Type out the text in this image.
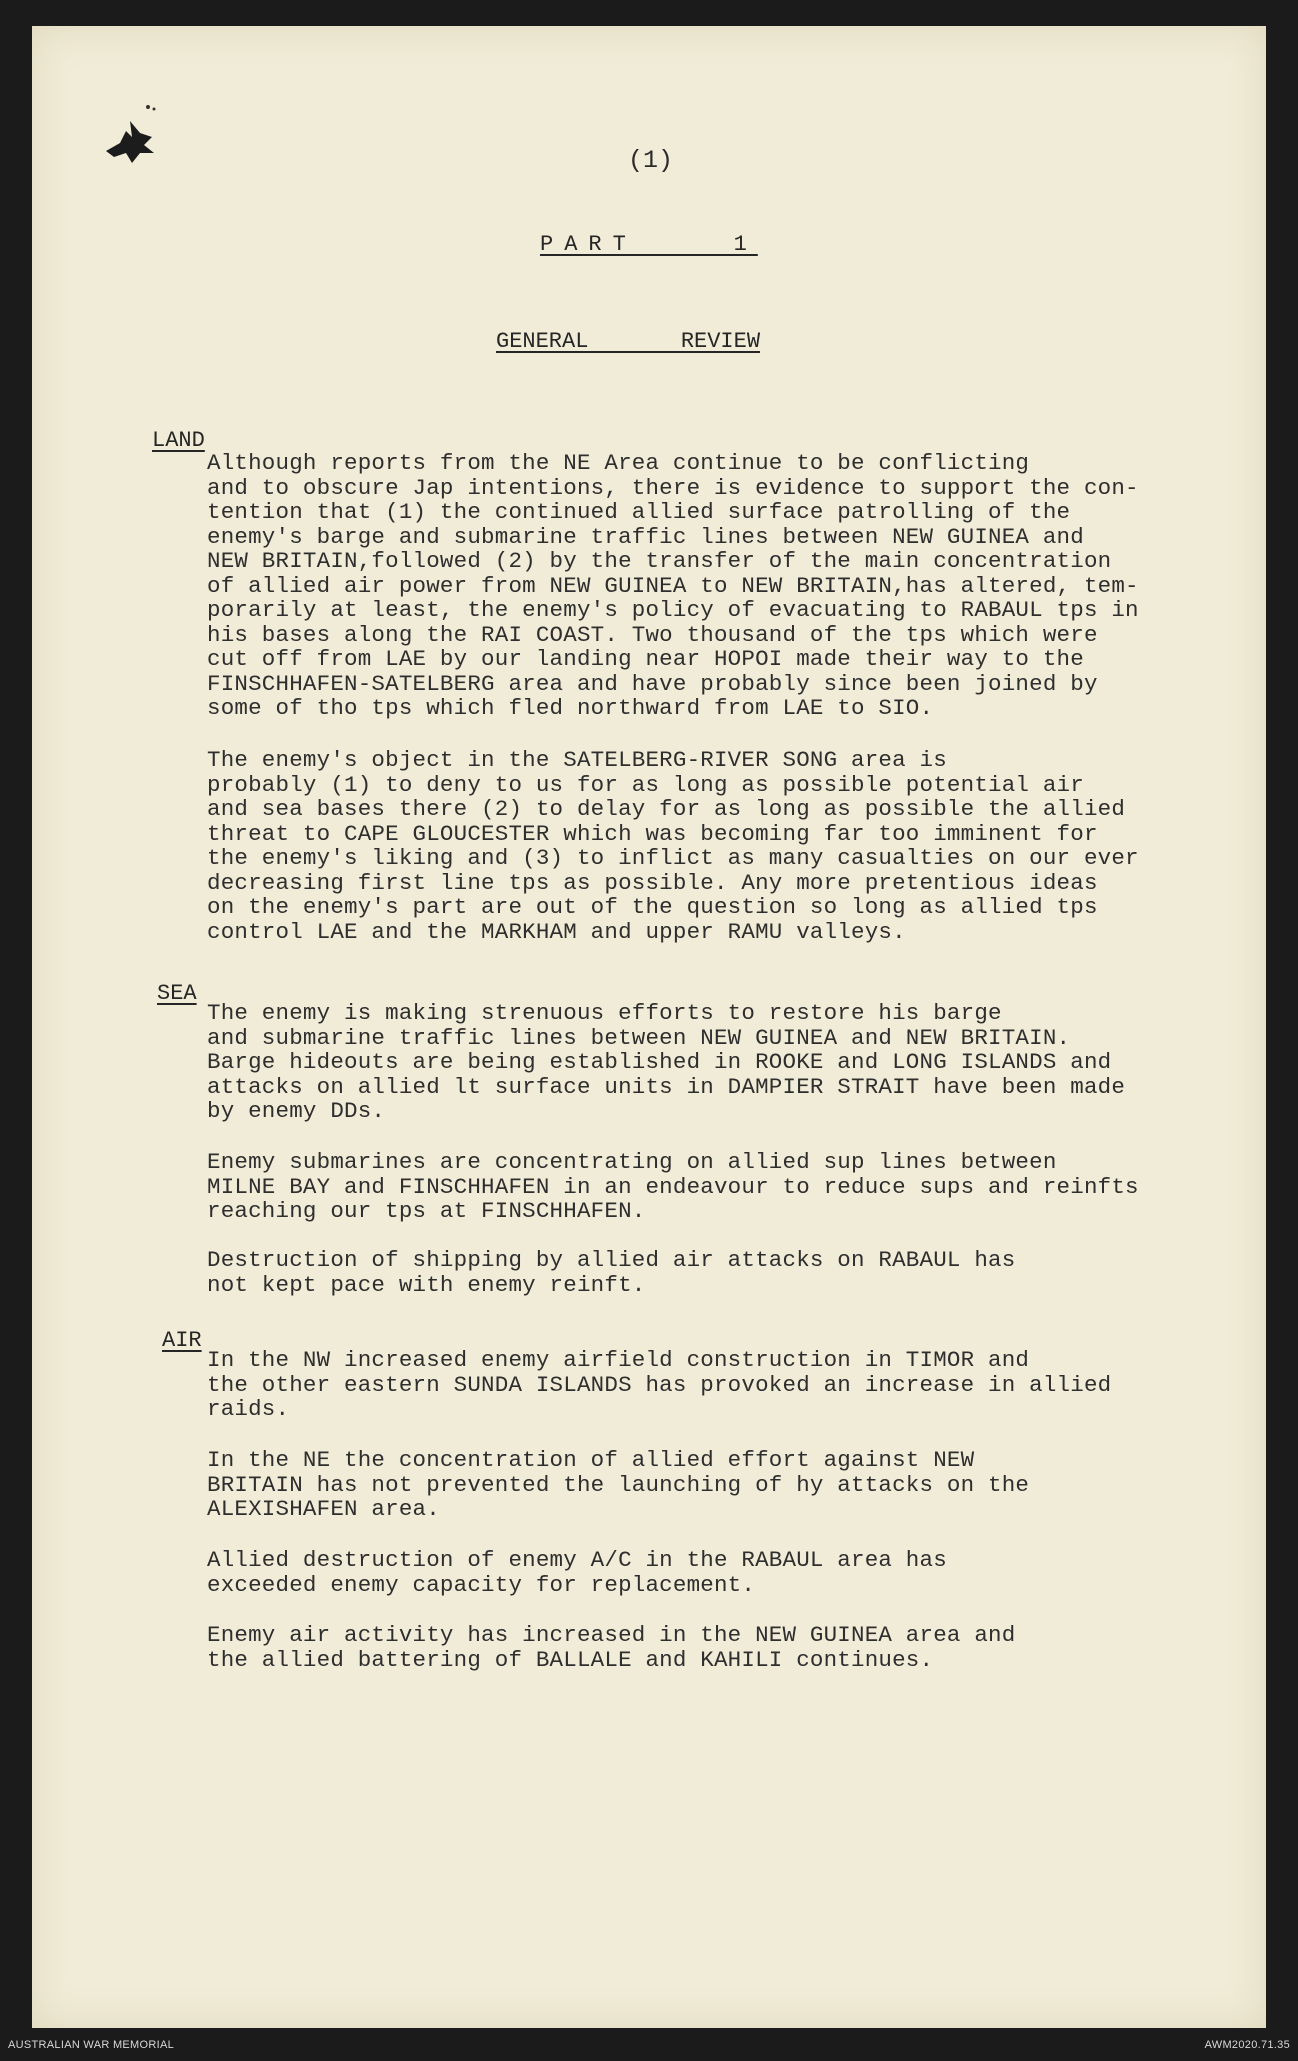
(1)
PART    1
GENERAL       REVIEW
LAND
Although reports from the NE Area continue to be conflicting
and to obscure Jap intentions, there is evidence to support the con-
tention that (1) the continued allied surface patrolling of the
enemy's barge and submarine traffic lines between NEW GUINEA and
NEW BRITAIN,followed (2) by the transfer of the main concentration
of allied air power from NEW GUINEA to NEW BRITAIN,has altered, tem-
porarily at least, the enemy's policy of evacuating to RABAUL tps in
his bases along the RAI COAST. Two thousand of the tps which were
cut off from LAE by our landing near HOPOI made their way to the
FINSCHHAFEN-SATELBERG area and have probably since been joined by
some of tho tps which fled northward from LAE to SIO.
The enemy's object in the SATELBERG-RIVER SONG area is
probably (1) to deny to us for as long as possible potential air
and sea bases there (2) to delay for as long as possible the allied
threat to CAPE GLOUCESTER which was becoming far too imminent for
the enemy's liking and (3) to inflict as many casualties on our ever
decreasing first line tps as possible. Any more pretentious ideas
on the enemy's part are out of the question so long as allied tps
control LAE and the MARKHAM and upper RAMU valleys.
SEA
The enemy is making strenuous efforts to restore his barge
and submarine traffic lines between NEW GUINEA and NEW BRITAIN.
Barge hideouts are being established in ROOKE and LONG ISLANDS and
attacks on allied lt surface units in DAMPIER STRAIT have been made
by enemy DDs.
Enemy submarines are concentrating on allied sup lines between
MILNE BAY and FINSCHHAFEN in an endeavour to reduce sups and reinfts
reaching our tps at FINSCHHAFEN.
Destruction of shipping by allied air attacks on RABAUL has
not kept pace with enemy reinft.
AIR
In the NW increased enemy airfield construction in TIMOR and
the other eastern SUNDA ISLANDS has provoked an increase in allied
raids.
In the NE the concentration of allied effort against NEW
BRITAIN has not prevented the launching of hy attacks on the
ALEXISHAFEN area.
Allied destruction of enemy A/C in the RABAUL area has
exceeded enemy capacity for replacement.
Enemy air activity has increased in the NEW GUINEA area and
the allied battering of BALLALE and KAHILI continues.
AUSTRALIAN WAR MEMORIAL	AWM2020.71.35
